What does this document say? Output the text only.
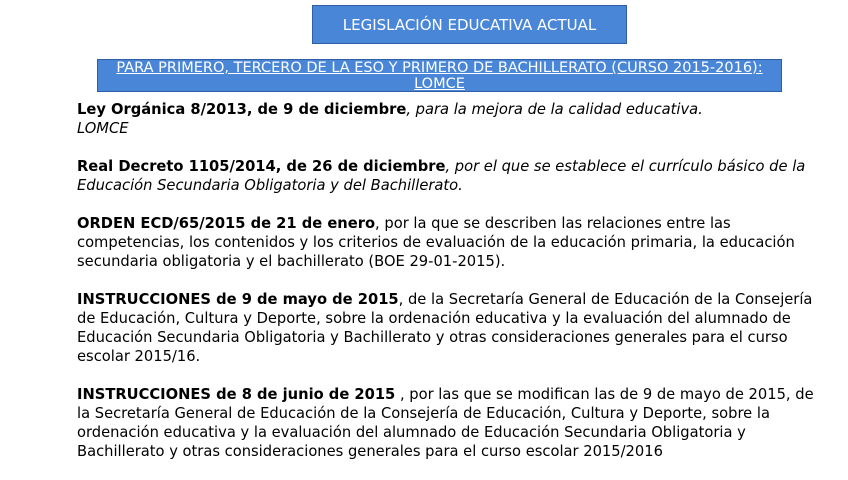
LEGISLACIÓN EDUCATIVA ACTUAL
PARA PRIMERO, TERCERO DE LA ESO Y PRIMERO DE BACHILLERATO (CURSO 2015-2016): LOMCE

Ley Orgánica 8/2013, de 9 de diciembre, para la mejora de la calidad educativa.
LOMCE

Real Decreto 1105/2014, de 26 de diciembre, por el que se establece el currículo básico de la Educación Secundaria Obligatoria y del Bachillerato.

ORDEN ECD/65/2015 de 21 de enero, por la que se describen las relaciones entre las competencias, los contenidos y los criterios de evaluación de la educación primaria, la educación secundaria obligatoria y el bachillerato (BOE 29-01-2015).

INSTRUCCIONES de 9 de mayo de 2015, de la Secretaría General de Educación de la Consejería de Educación, Cultura y Deporte, sobre la ordenación educativa y la evaluación del alumnado de Educación Secundaria Obligatoria y Bachillerato y otras consideraciones generales para el curso escolar 2015/16.

INSTRUCCIONES de 8 de junio de 2015 , por las que se modifican las de 9 de mayo de 2015, de la Secretaría General de Educación de la Consejería de Educación, Cultura y Deporte, sobre la ordenación educativa y la evaluación del alumnado de Educación Secundaria Obligatoria y Bachillerato y otras consideraciones generales para el curso escolar 2015/2016
